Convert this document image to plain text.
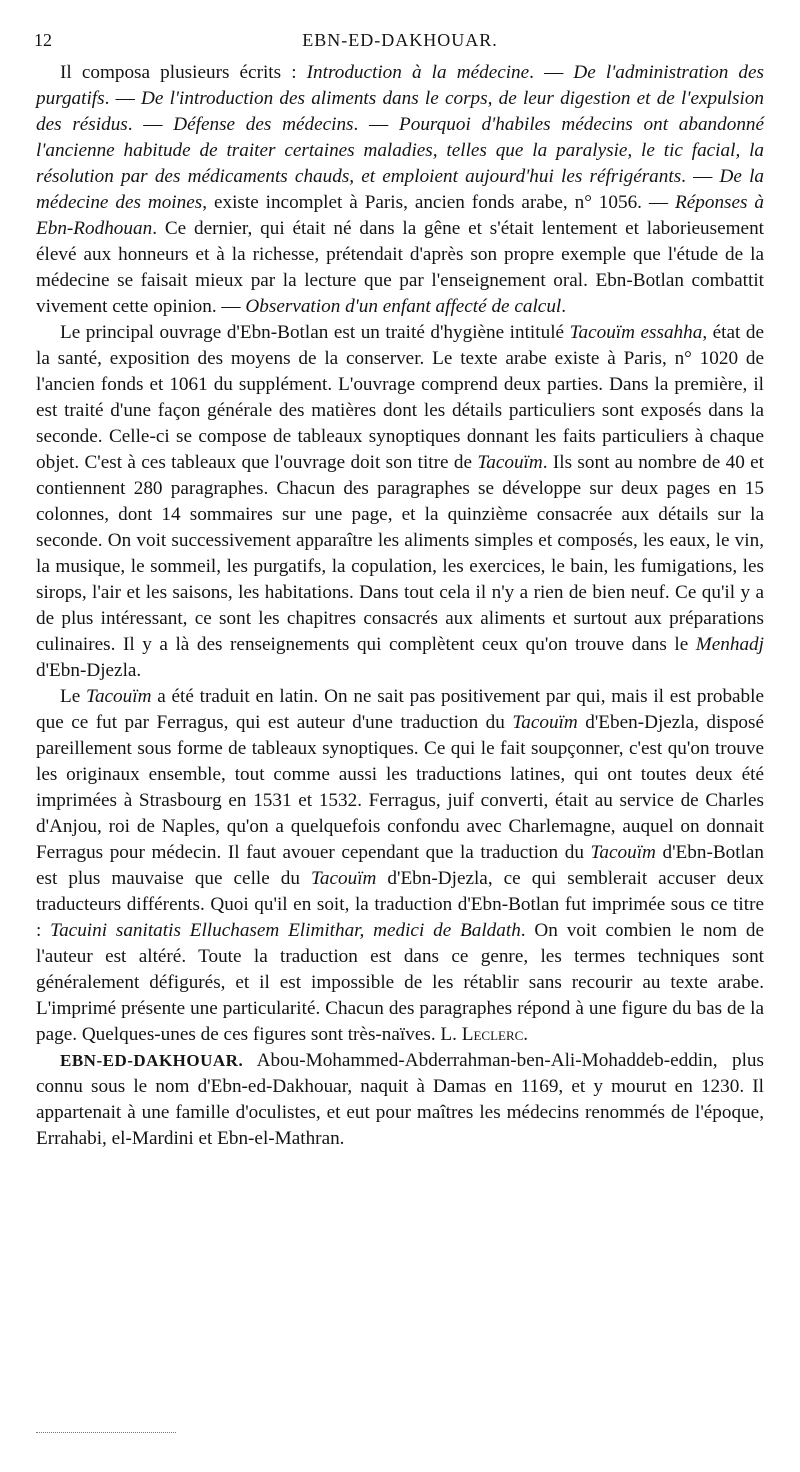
12	EBN-ED-DAKHOUAR.

Il composa plusieurs écrits : Introduction à la médecine. — De l'administration des purgatifs. — De l'introduction des aliments dans le corps, de leur digestion et de l'expulsion des résidus. — Défense des médecins. — Pourquoi d'habiles médecins ont abandonné l'ancienne habitude de traiter certaines maladies, telles que la paralysie, le tic facial, la résolution par des médicaments chauds, et emploient aujourd'hui les réfrigérants. — De la médecine des moines, existe incomplet à Paris, ancien fonds arabe, n° 1056. — Réponses à Ebn-Rodhouan. Ce dernier, qui était né dans la gêne et s'était lentement et laborieusement élevé aux honneurs et à la richesse, prétendait d'après son propre exemple que l'étude de la médecine se faisait mieux par la lecture que par l'enseignement oral. Ebn-Botlan combattit vivement cette opinion. — Observation d'un enfant affecté de calcul.

Le principal ouvrage d'Ebn-Botlan est un traité d'hygiène intitulé Tacouïm essahha, état de la santé, exposition des moyens de la conserver. Le texte arabe existe à Paris, n° 1020 de l'ancien fonds et 1061 du supplément. L'ouvrage comprend deux parties. Dans la première, il est traité d'une façon générale des matières dont les détails particuliers sont exposés dans la seconde. Celle-ci se compose de tableaux synoptiques donnant les faits particuliers à chaque objet. C'est à ces tableaux que l'ouvrage doit son titre de Tacouïm. Ils sont au nombre de 40 et contiennent 280 paragraphes. Chacun des paragraphes se développe sur deux pages en 15 colonnes, dont 14 sommaires sur une page, et la quinzième consacrée aux détails sur la seconde. On voit successivement apparaître les aliments simples et composés, les eaux, le vin, la musique, le sommeil, les purgatifs, la copulation, les exercices, le bain, les fumigations, les sirops, l'air et les saisons, les habitations. Dans tout cela il n'y a rien de bien neuf. Ce qu'il y a de plus intéressant, ce sont les chapitres consacrés aux aliments et surtout aux préparations culinaires. Il y a là des renseignements qui complètent ceux qu'on trouve dans le Menhadj d'Ebn-Djezla.

Le Tacouïm a été traduit en latin. On ne sait pas positivement par qui, mais il est probable que ce fut par Ferragus, qui est auteur d'une traduction du Tacouïm d'Eben-Djezla, disposé pareillement sous forme de tableaux synoptiques. Ce qui le fait soupçonner, c'est qu'on trouve les originaux ensemble, tout comme aussi les traductions latines, qui ont toutes deux été imprimées à Strasbourg en 1531 et 1532. Ferragus, juif converti, était au service de Charles d'Anjou, roi de Naples, qu'on a quelquefois confondu avec Charlemagne, auquel on donnait Ferragus pour médecin. Il faut avouer cependant que la traduction du Tacouïm d'Ebn-Botlan est plus mauvaise que celle du Tacouïm d'Ebn-Djezla, ce qui semblerait accuser deux traducteurs différents. Quoi qu'il en soit, la traduction d'Ebn-Botlan fut imprimée sous ce titre : Tacuini sanitatis Elluchasem Elimithar, medici de Baldath. On voit combien le nom de l'auteur est altéré. Toute la traduction est dans ce genre, les termes techniques sont généralement défigurés, et il est impossible de les rétablir sans recourir au texte arabe. L'imprimé présente une particularité. Chacun des paragraphes répond à une figure du bas de la page. Quelques-unes de ces figures sont très-naïves. L. Leclerc.

EBN-ED-DAKHOUAR. Abou-Mohammed-Abderrahman-ben-Ali-Mohaddeb-eddin, plus connu sous le nom d'Ebn-ed-Dakhouar, naquit à Damas en 1169, et y mourut en 1230. Il appartenait à une famille d'oculistes, et eut pour maîtres les médecins renommés de l'époque, Errahabi, el-Mardini et Ebn-el-Mathran.
